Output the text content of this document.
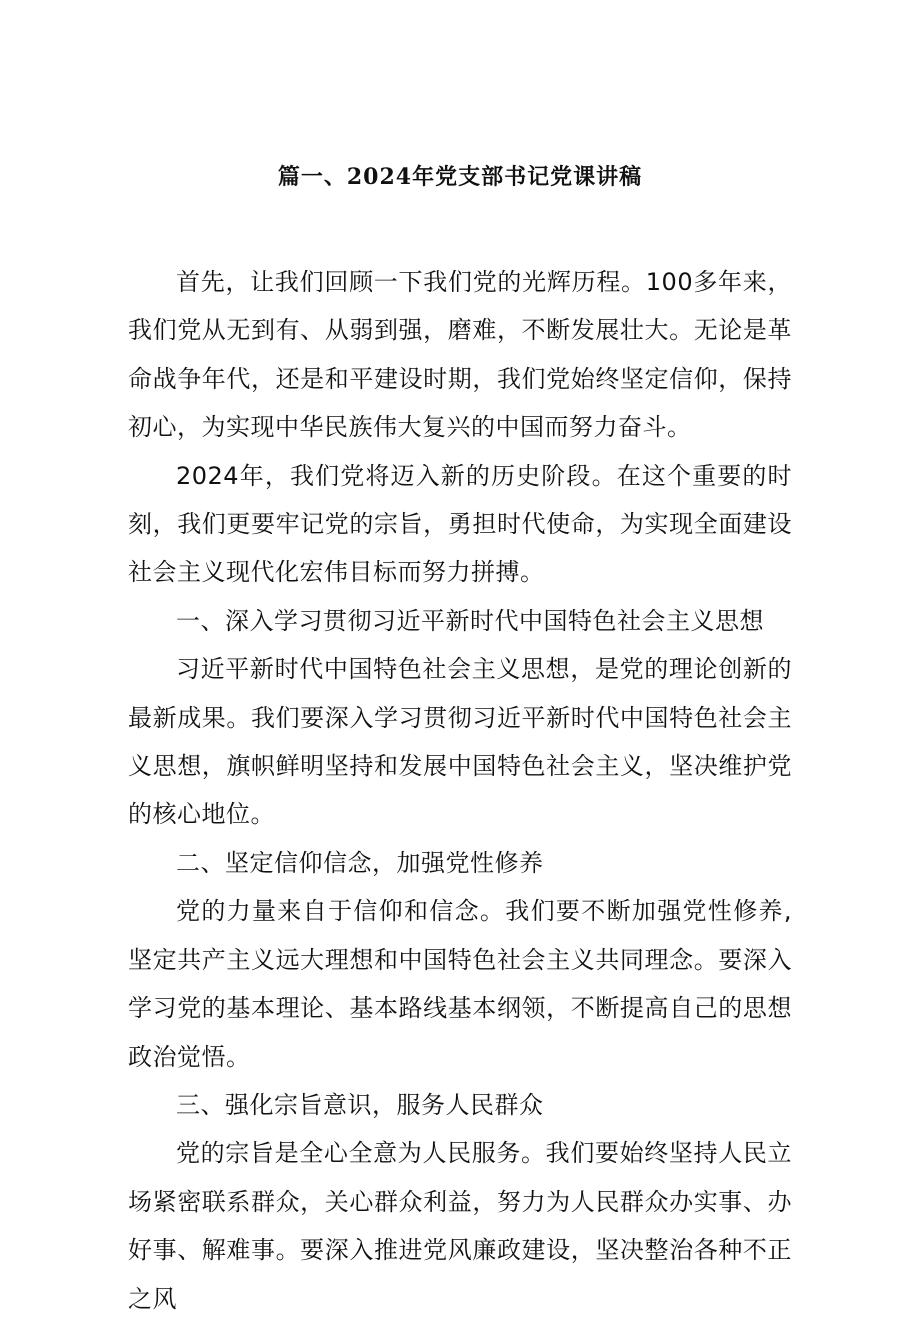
篇一、2024年党支部书记党课讲稿

首先，让我们回顾一下我们党的光辉历程。100多年来，我们党从无到有、从弱到强，磨难，不断发展壮大。无论是革命战争年代，还是和平建设时期，我们党始终坚定信仰，保持初心，为实现中华民族伟大复兴的中国而努力奋斗。

2024年，我们党将迈入新的历史阶段。在这个重要的时刻，我们更要牢记党的宗旨，勇担时代使命，为实现全面建设社会主义现代化宏伟目标而努力拼搏。

一、深入学习贯彻习近平新时代中国特色社会主义思想

习近平新时代中国特色社会主义思想，是党的理论创新的最新成果。我们要深入学习贯彻习近平新时代中国特色社会主义思想，旗帜鲜明坚持和发展中国特色社会主义，坚决维护党的核心地位。

二、坚定信仰信念，加强党性修养

党的力量来自于信仰和信念。我们要不断加强党性修养,坚定共产主义远大理想和中国特色社会主义共同理念。要深入学习党的基本理论、基本路线基本纲领，不断提高自己的思想政治觉悟。

三、强化宗旨意识，服务人民群众

党的宗旨是全心全意为人民服务。我们要始终坚持人民立场紧密联系群众，关心群众利益，努力为人民群众办实事、办好事、解难事。要深入推进党风廉政建设，坚决整治各种不正之风
